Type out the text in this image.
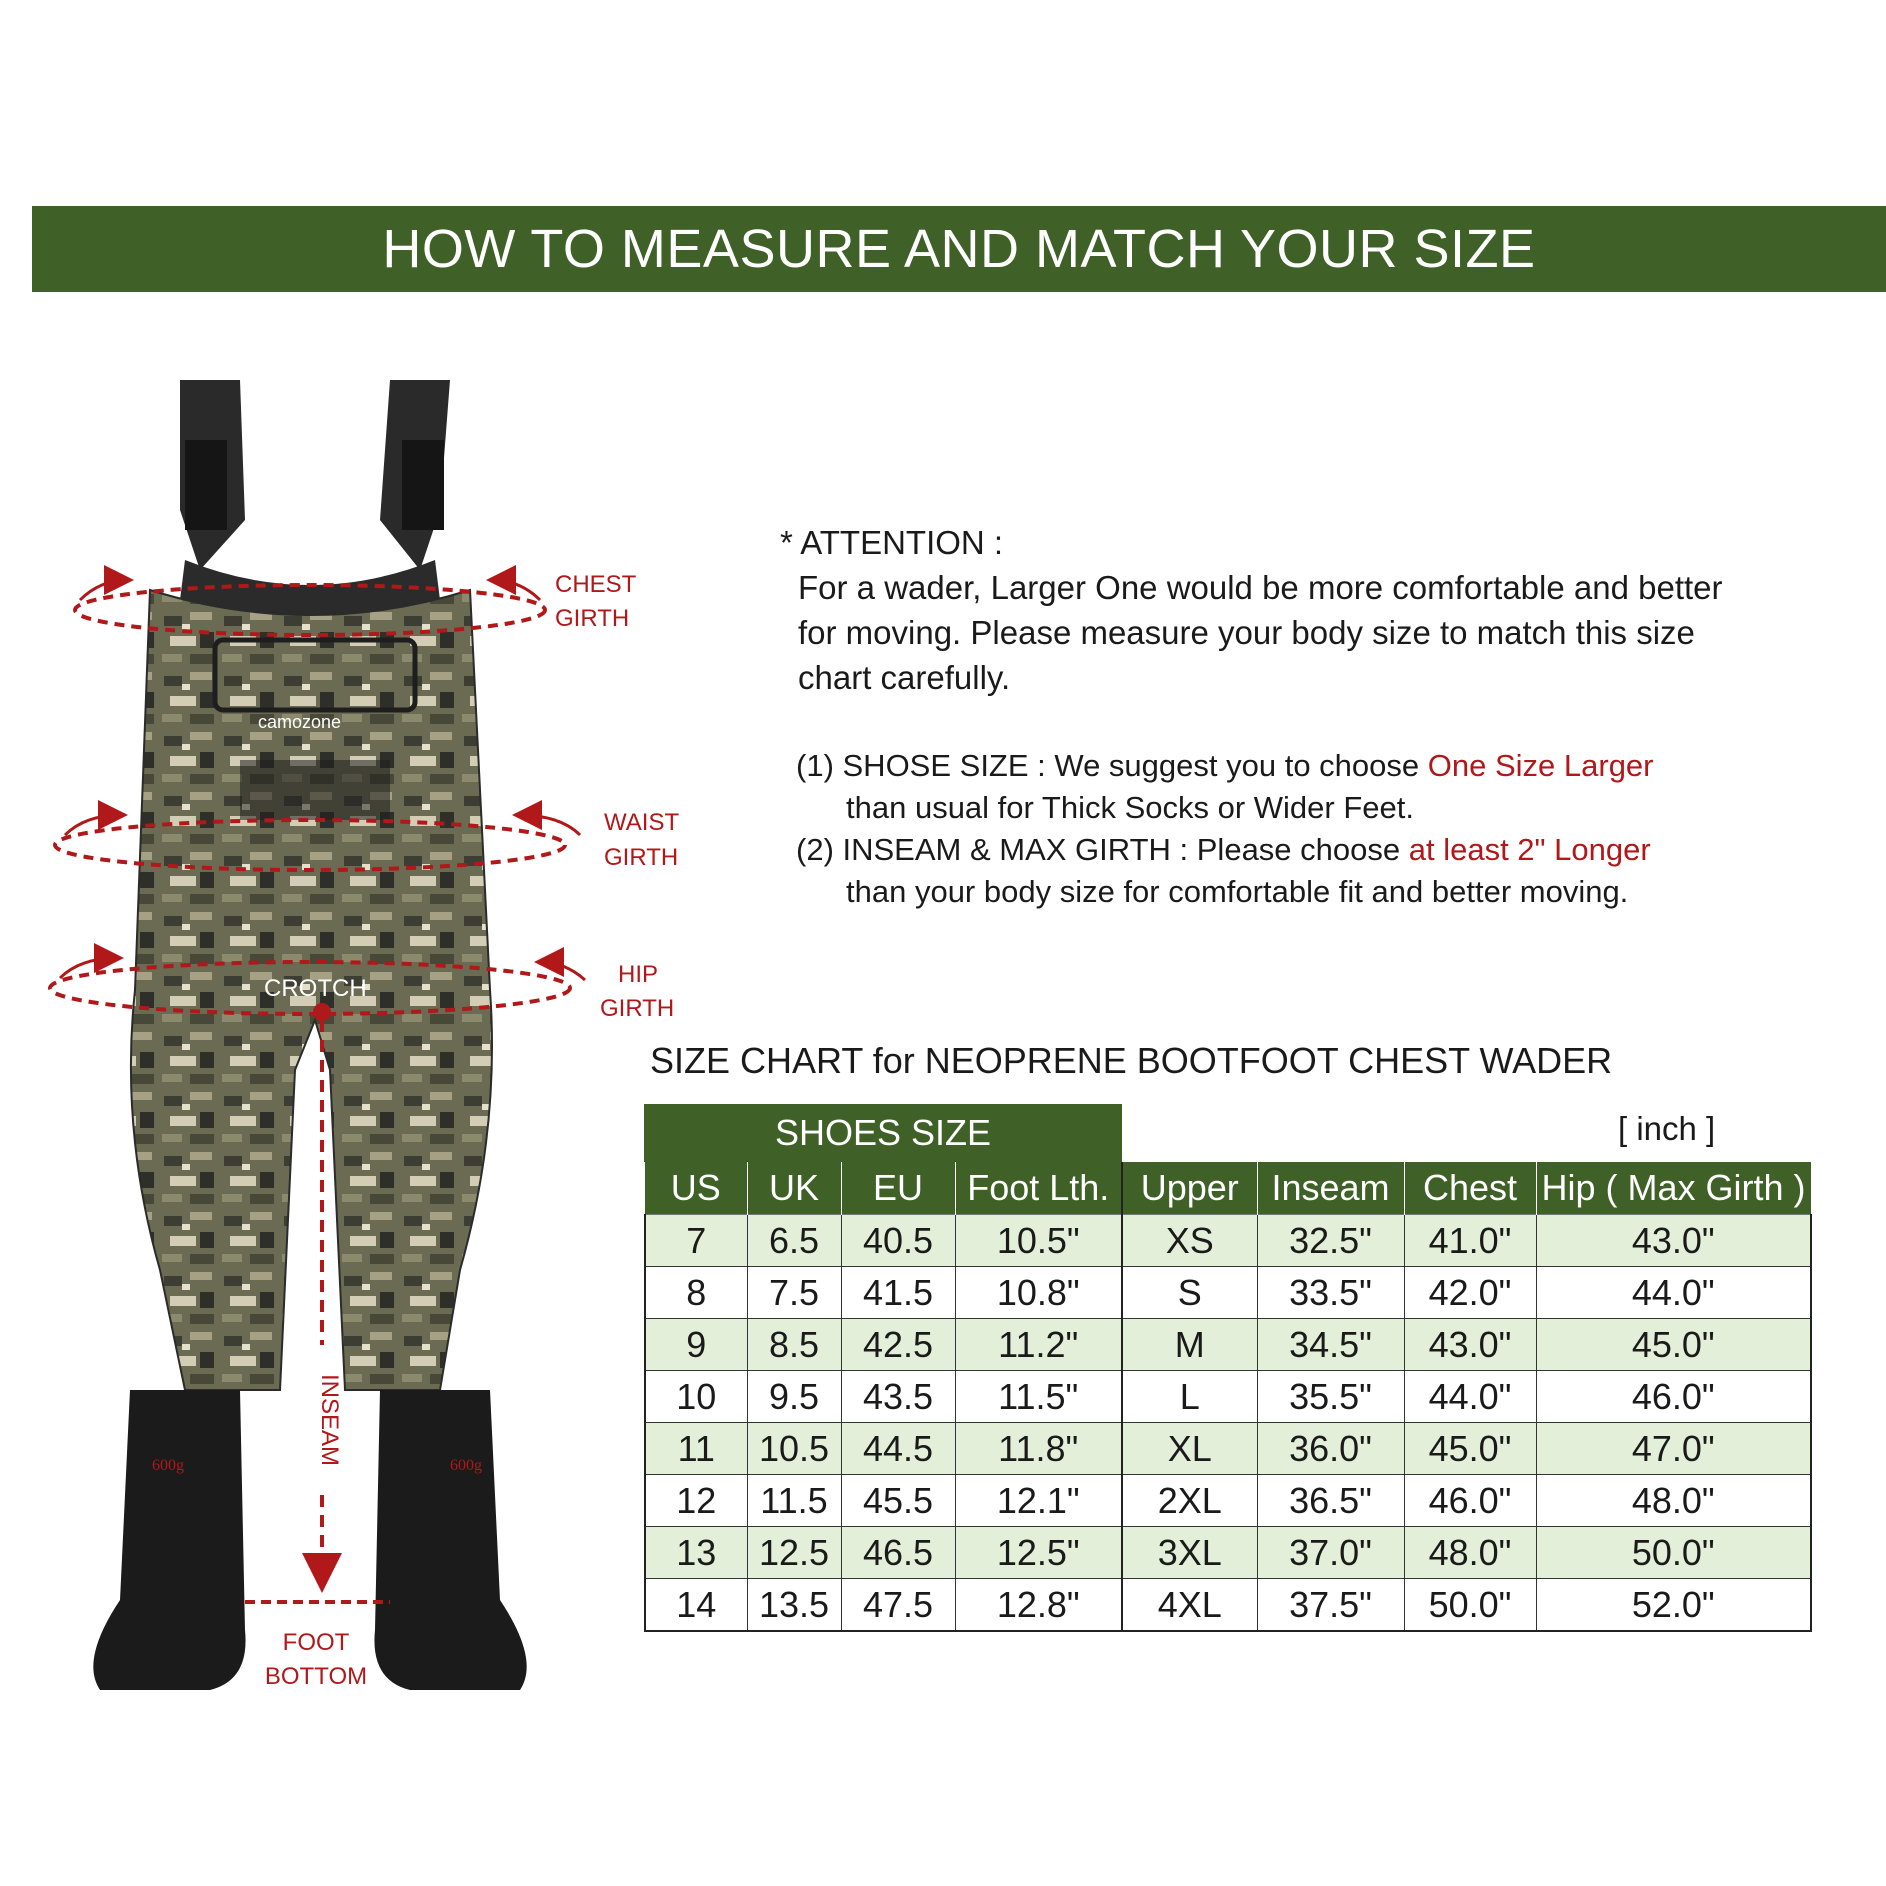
HOW TO MEASURE AND MATCH YOUR SIZE
camozone
600g	600g
CHEST
GIRTH
WAIST
GIRTH
HIP
GIRTH
CROTCH
INSEAM
FOOT
BOTTOM
* ATTENTION :
For a wader, Larger One would be more comfortable and better
for moving. Please measure your body size to match this size
chart carefully.
(1) SHOSE SIZE : We suggest you to choose One Size Larger
than usual for Thick Socks or Wider Feet.
(2) INSEAM & MAX GIRTH : Please choose at least 2" Longer
than your body size for comfortable fit and better moving.
SIZE CHART for NEOPRENE BOOTFOOT CHEST WADER
SHOES SIZE	[ inch ]
US	UK	EU	Foot Lth.	Upper	Inseam	Chest	Hip ( Max Girth )
7	6.5	40.5	10.5"	XS	32.5"	41.0"	43.0"
8	7.5	41.5	10.8"	S	33.5"	42.0"	44.0"
9	8.5	42.5	11.2"	M	34.5"	43.0"	45.0"
10	9.5	43.5	11.5"	L	35.5"	44.0"	46.0"
11	10.5	44.5	11.8"	XL	36.0"	45.0"	47.0"
12	11.5	45.5	12.1"	2XL	36.5"	46.0"	48.0"
13	12.5	46.5	12.5"	3XL	37.0"	48.0"	50.0"
14	13.5	47.5	12.8"	4XL	37.5"	50.0"	52.0"
